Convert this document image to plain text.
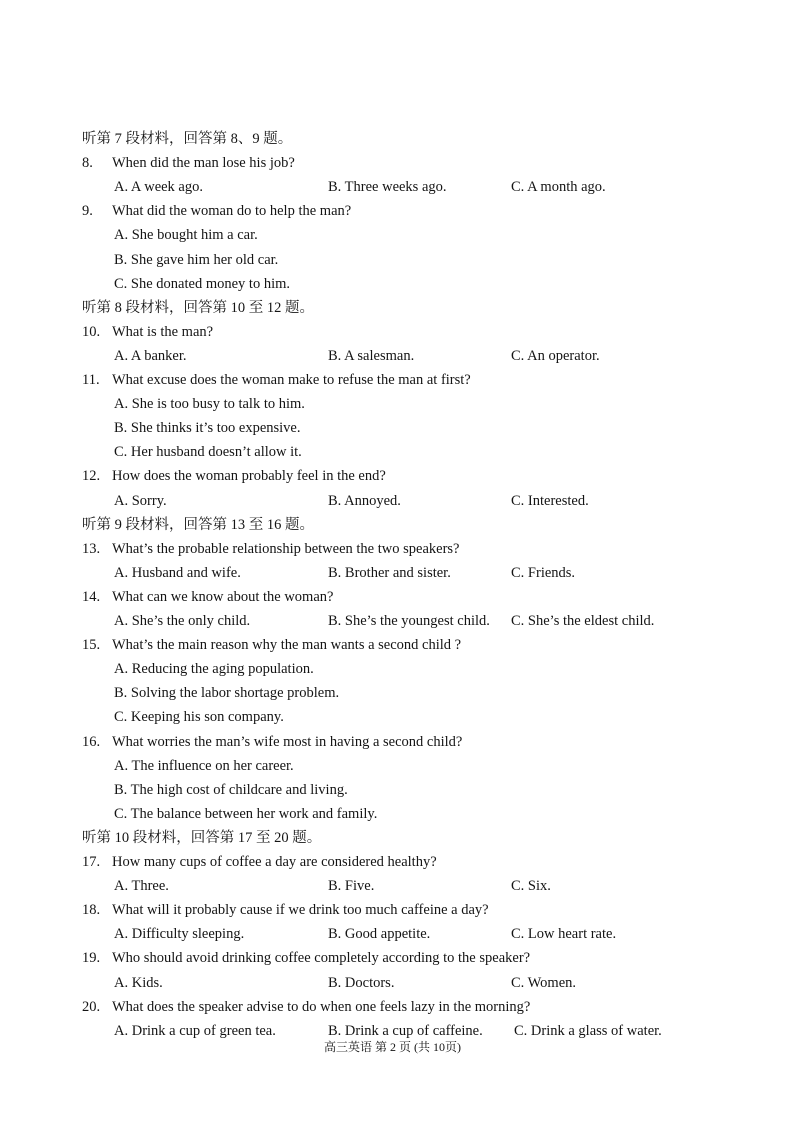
听第 7 段材料，回答第 8、9 题。
8. When did the man lose his job?
A. A week ago.	B. Three weeks ago.	C. A month ago.
9. What did the woman do to help the man?
A. She bought him a car.
B. She gave him her old car.
C. She donated money to him.
听第 8 段材料，回答第 10 至 12 题。
10. What is the man?
A. A banker.	B. A salesman.	C. An operator.
11. What excuse does the woman make to refuse the man at first?
A. She is too busy to talk to him.
B. She thinks it’s too expensive.
C. Her husband doesn’t allow it.
12. How does the woman probably feel in the end?
A. Sorry.	B. Annoyed.	C. Interested.
听第 9 段材料，回答第 13 至 16 题。
13. What’s the probable relationship between the two speakers?
A. Husband and wife.	B. Brother and sister.	C. Friends.
14. What can we know about the woman?
A. She’s the only child.	B. She’s the youngest child. C. She’s the eldest child.
15. What’s the main reason why the man wants a second child ?
A. Reducing the aging population.
B. Solving the labor shortage problem.
C. Keeping his son company.
16. What worries the man’s wife most in having a second child?
A. The influence on her career.
B. The high cost of childcare and living.
C. The balance between her work and family.
听第 10 段材料，回答第 17 至 20 题。
17. How many cups of coffee a day are considered healthy?
A. Three.	B. Five.	C. Six.
18. What will it probably cause if we drink too much caffeine a day?
A. Difficulty sleeping.	B. Good appetite.	C. Low heart rate.
19. Who should avoid drinking coffee completely according to the speaker?
A. Kids.	B. Doctors.	C. Women.
20. What does the speaker advise to do when one feels lazy in the morning?
A. Drink a cup of green tea.	B. Drink a cup of caffeine. C. Drink a glass of water.
高三英语 第 2 页 (共 10页)
